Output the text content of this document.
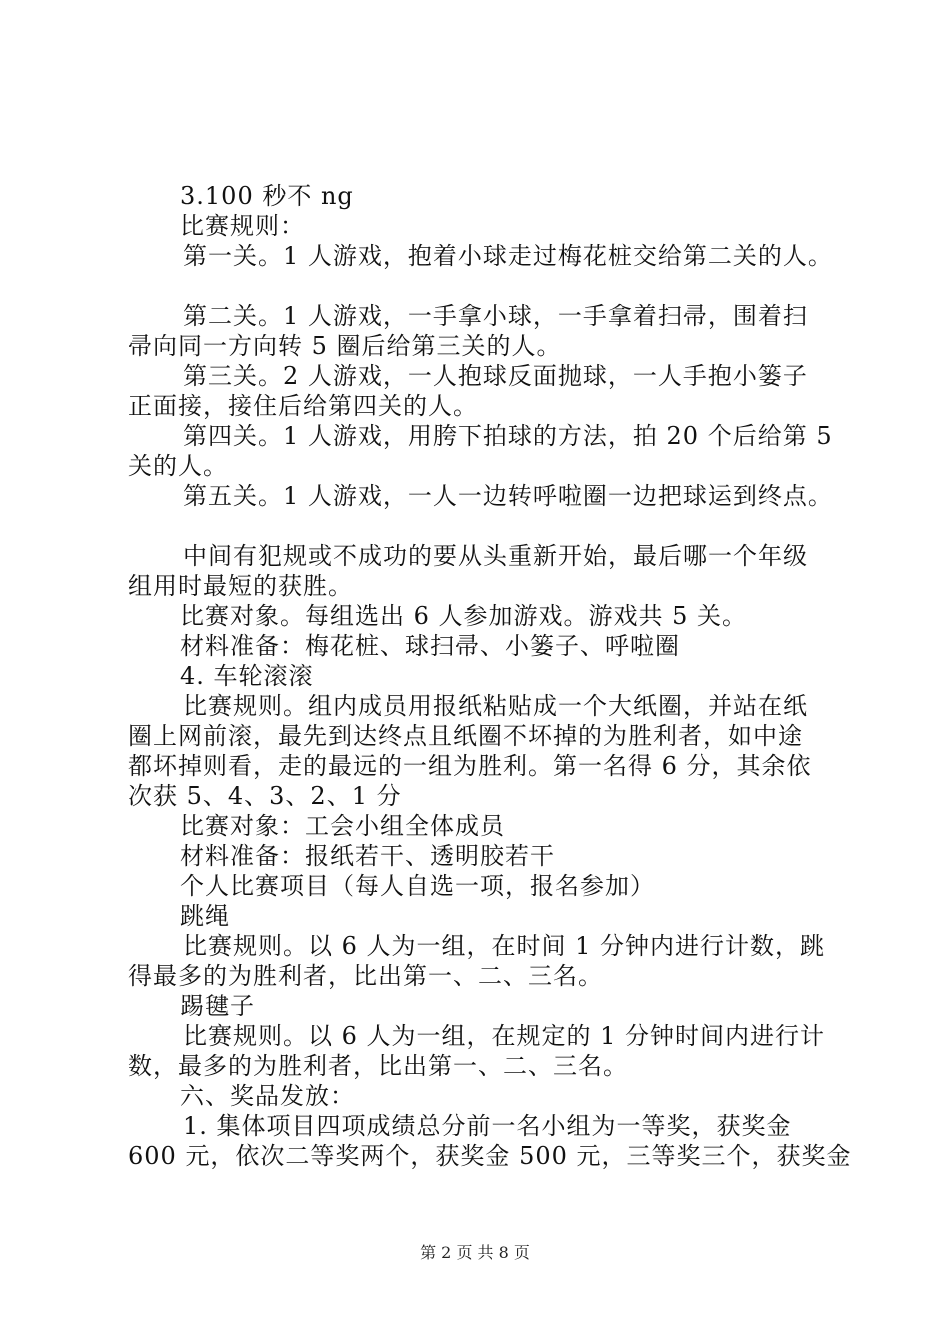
3.100 秒不 ng
比赛规则：
第一关。1 人游戏，抱着小球走过梅花桩交给第二关的人。
第二关。1 人游戏，一手拿小球，一手拿着扫帚，围着扫
帚向同一方向转 5 圈后给第三关的人。
第三关。2 人游戏，一人抱球反面抛球，一人手抱小篓子
正面接，接住后给第四关的人。
第四关。1 人游戏，用胯下拍球的方法，拍 20 个后给第 5
关的人。
第五关。1 人游戏，一人一边转呼啦圈一边把球运到终点。
中间有犯规或不成功的要从头重新开始，最后哪一个年级
组用时最短的获胜。
比赛对象。每组选出 6 人参加游戏。游戏共 5 关。
材料准备：梅花桩、球扫帚、小篓子、呼啦圈
4. 车轮滚滚
比赛规则。组内成员用报纸粘贴成一个大纸圈，并站在纸
圈上网前滚，最先到达终点且纸圈不坏掉的为胜利者，如中途
都坏掉则看，走的最远的一组为胜利。第一名得 6 分，其余依
次获 5、4、3、2、1 分
比赛对象：工会小组全体成员
材料准备：报纸若干、透明胶若干
个人比赛项目（每人自选一项，报名参加）
跳绳
比赛规则。以 6 人为一组，在时间 1 分钟内进行计数，跳
得最多的为胜利者，比出第一、二、三名。
踢毽子
比赛规则。以 6 人为一组，在规定的 1 分钟时间内进行计
数，最多的为胜利者，比出第一、二、三名。
六、奖品发放：
1. 集体项目四项成绩总分前一名小组为一等奖，获奖金
600 元，依次二等奖两个，获奖金 500 元，三等奖三个，获奖金
第 2 页 共 8 页
